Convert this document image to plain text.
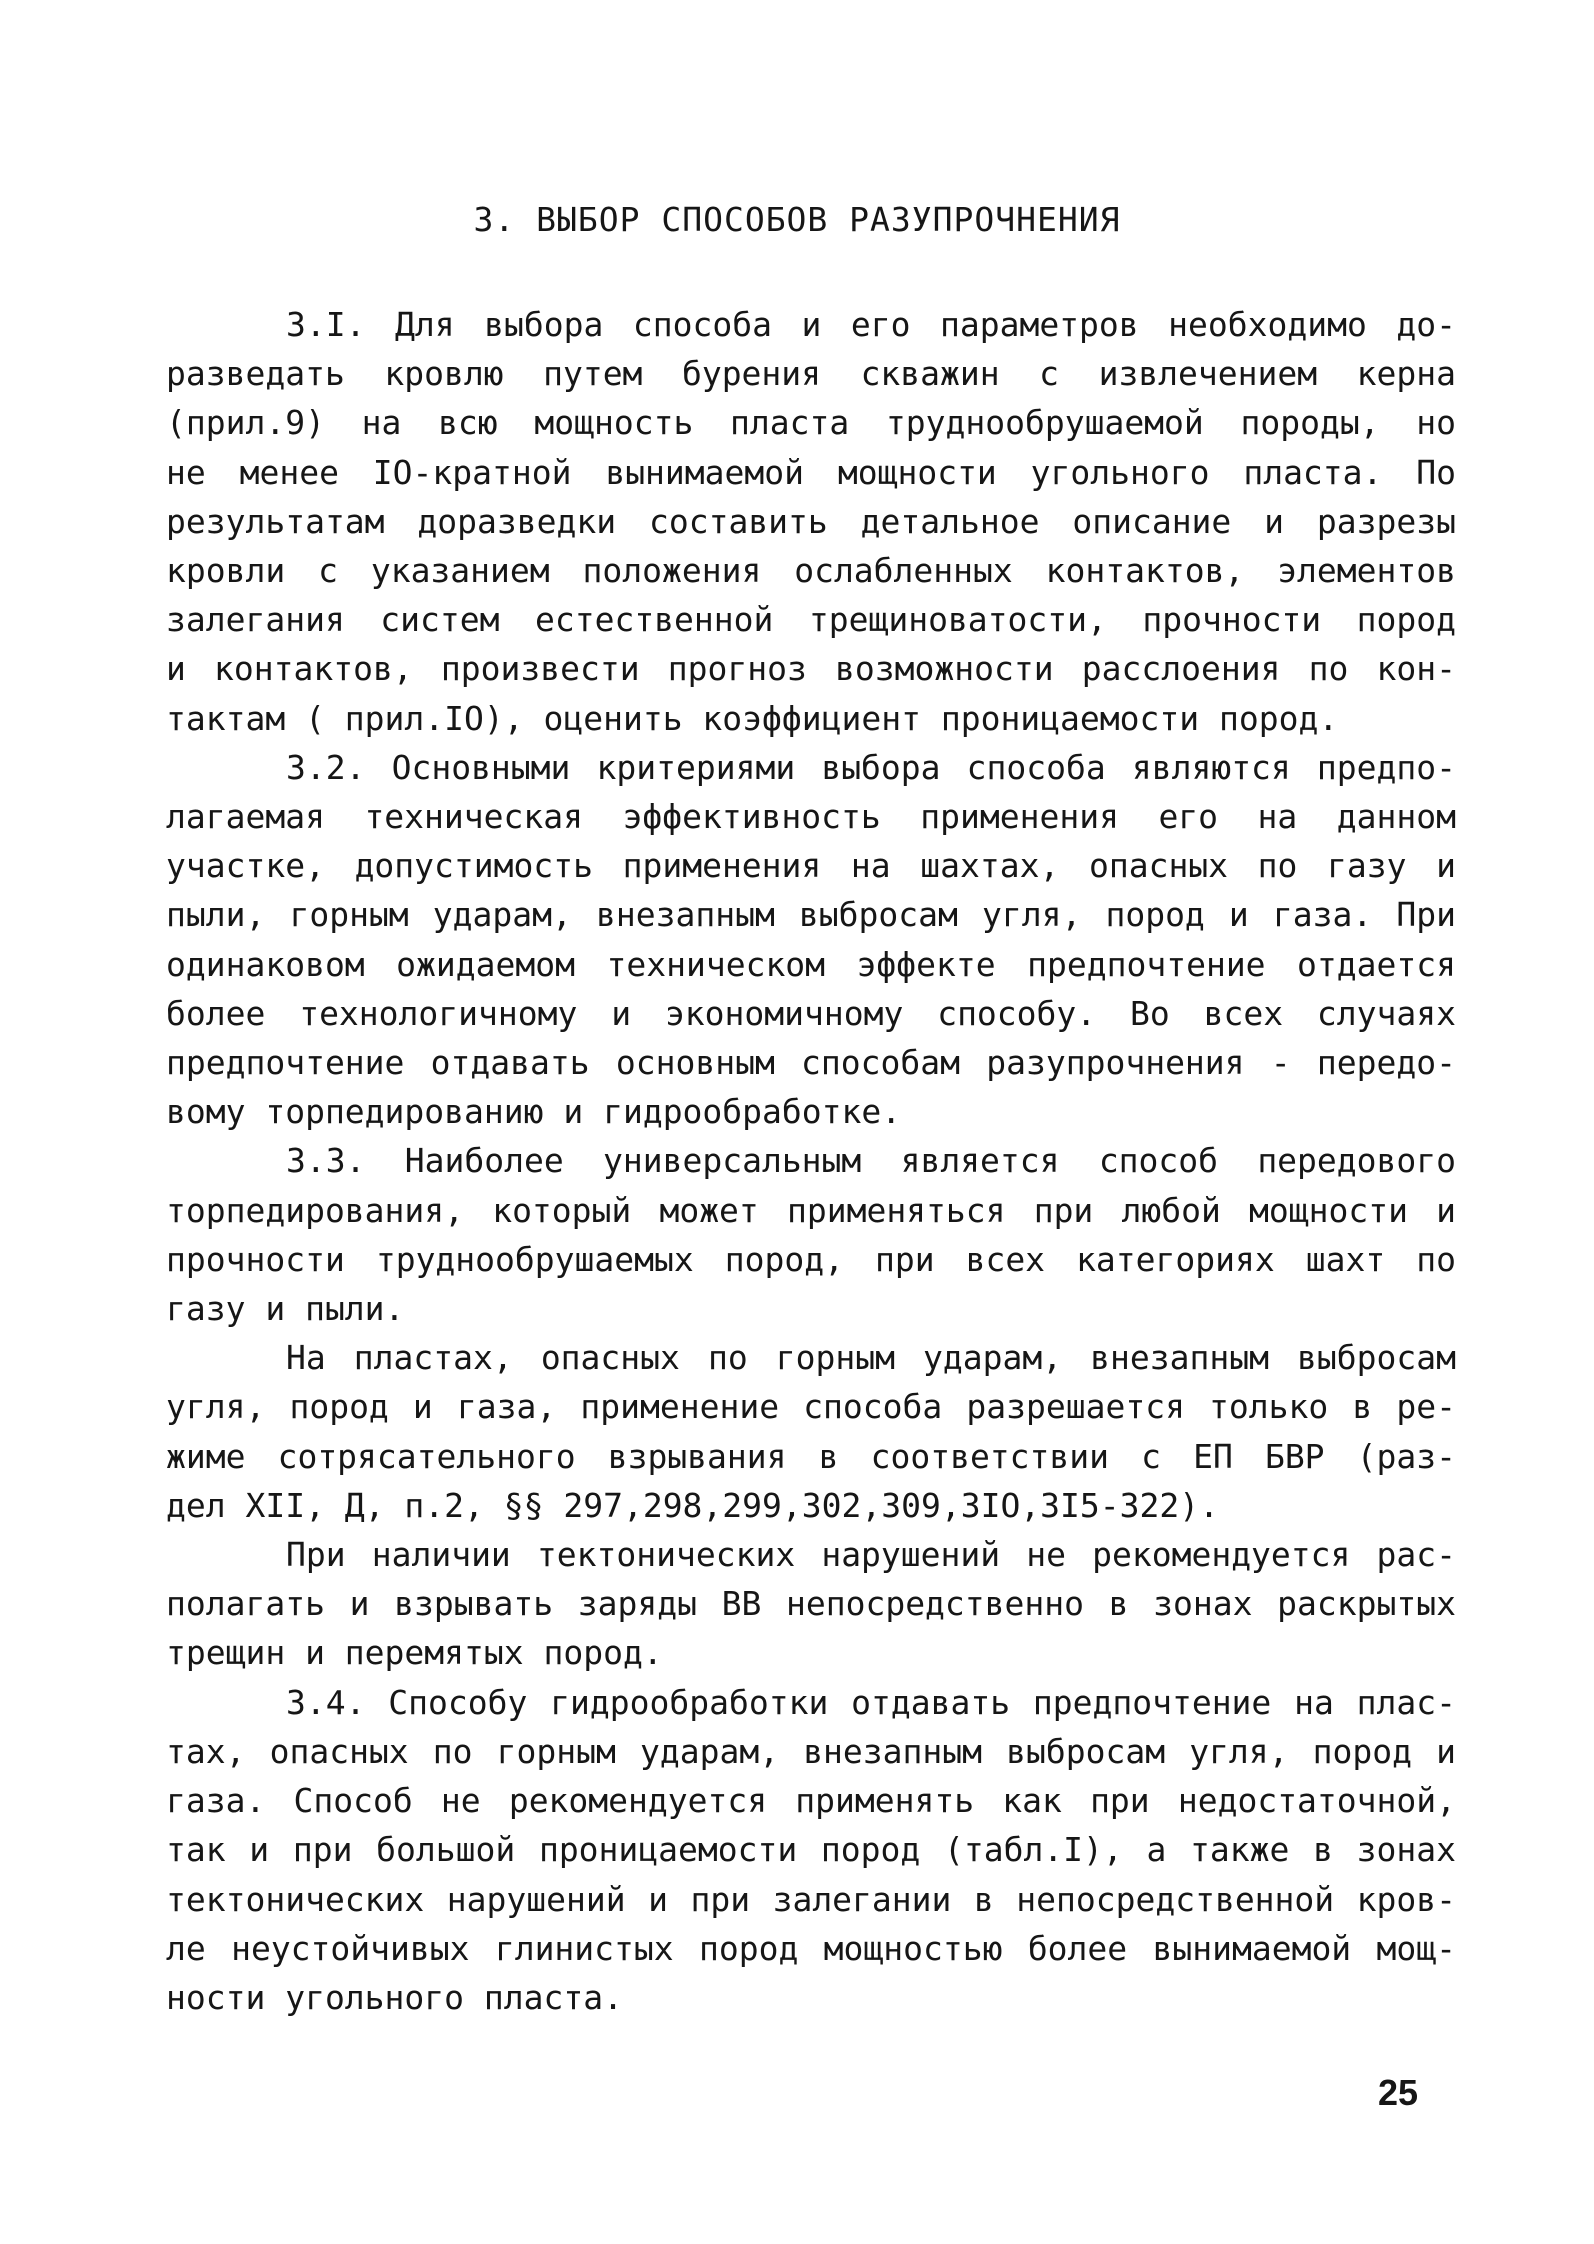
3. ВЫБОР СПОСОБОВ РАЗУПРОЧНЕНИЯ
3.I. Для выбора способа и его параметров необходимо до-
разведать кровлю путем бурения скважин с извлечением керна
(прил.9) на всю мощность пласта труднообрушаемой породы, но
не менее IO-кратной вынимаемой мощности угольного пласта. По
результатам доразведки составить детальное описание и разрезы
кровли с указанием положения ослабленных контактов, элементов
залегания систем естественной трещиноватости, прочности пород
и контактов, произвести прогноз возможности расслоения по кон-
тактам ( прил.IO), оценить коэффициент проницаемости пород.
3.2. Основными критериями выбора способа являются предпо-
лагаемая техническая эффективность применения его на данном
участке, допустимость применения на шахтах, опасных по газу и
пыли, горным ударам, внезапным выбросам угля, пород и газа. При
одинаковом ожидаемом техническом эффекте предпочтение отдается
более технологичному и экономичному способу. Во всех случаях
предпочтение отдавать основным способам разупрочнения - передо-
вому торпедированию и гидрообработке.
3.3. Наиболее универсальным является способ передового
торпедирования, который может применяться при любой мощности и
прочности труднообрушаемых пород, при всех категориях шахт по
газу и пыли.
На пластах, опасных по горным ударам, внезапным выбросам
угля, пород и газа, применение способа разрешается только в ре-
жиме сотрясательного взрывания в соответствии с ЕП БВР (раз-
дел XII, Д, п.2, §§ 297,298,299,302,309,3IO,3I5-322).
При наличии тектонических нарушений не рекомендуется рас-
полагать и взрывать заряды ВВ непосредственно в зонах раскрытых
трещин и перемятых пород.
3.4. Способу гидрообработки отдавать предпочтение на плас-
тах, опасных по горным ударам, внезапным выбросам угля, пород и
газа. Способ не рекомендуется применять как при недостаточной,
так и при большой проницаемости пород (табл.I), а также в зонах
тектонических нарушений и при залегании в непосредственной кров-
ле неустойчивых глинистых пород мощностью более вынимаемой мощ-
ности угольного пласта.
25
